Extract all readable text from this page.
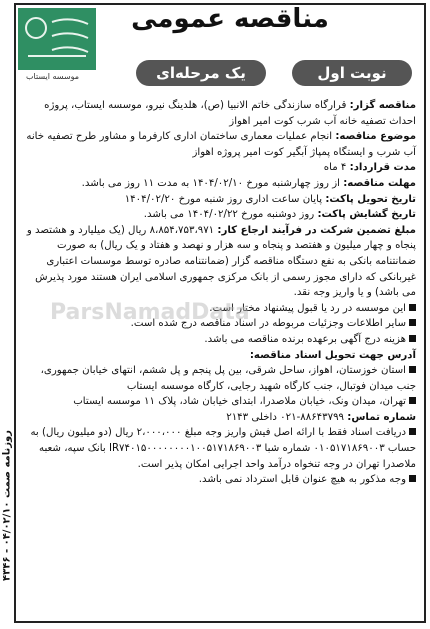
موسسه ایستاب
مناقصه عمومی
نوبت اول
یک مرحله‌ای

مناقصه گزار: قرارگاه سازندگی خاتم الانبیا (ص)، هلدینگ نیرو، موسسه ایستاب، پروژه احداث تصفیه خانه آب شرب کوت امیر اهواز

موضوع مناقصه: انجام عملیات معماری ساختمان اداری کارفرما و مشاور طرح تصفیه خانه آب شرب و ایستگاه پمپاژ آبگیر کوت امیر پروژه اهواز

مدت قرارداد: ۴ ماه

مهلت مناقصه: از روز چهارشنبه مورخ ۱۴۰۴/۰۲/۱۰ به مدت ۱۱ روز می باشد.

تاریخ تحویل پاکت: پایان ساعت اداری روز شنبه مورخ ۱۴۰۴/۰۲/۲۰

تاریخ گشایش پاکت: روز دوشنبه مورخ ۱۴۰۴/۰۲/۲۲ می باشد.

مبلغ تضمین شرکت در فرآیند ارجاع کار: ۸،۸۵۴،۷۵۳،۹۷۱ ریال (یک میلیارد و هشتصد و پنجاه و چهار میلیون و هفتصد و پنجاه و سه هزار و نهصد و هفتاد و یک ریال) به صورت ضمانتنامه بانکی به نفع دستگاه مناقصه گزار (ضمانتنامه صادره توسط موسسات اعتباری غیربانکی که دارای مجوز رسمی از بانک مرکزی جمهوری اسلامی ایران هستند مورد پذیرش می باشد) و یا واریز وجه نقد.

این موسسه در رد یا قبول پیشنهاد مختار است.

سایر اطلاعات وجزئیات مربوطه در اسناد مناقصه درج شده است.

هزینه درج آگهی برعهده برنده مناقصه می باشد.

آدرس جهت تحویل اسناد مناقصه:

استان خوزستان، اهواز، ساحل شرقی، بین پل پنجم و پل ششم، انتهای خیابان جمهوری، جنب میدان فوتبال، جنب کارگاه شهید رجایی، کارگاه موسسه ایستاب

تهران، میدان ونک، خیابان ملاصدرا، ابتدای خیابان شاد، پلاک ۱۱ موسسه ایستاب

شماره تماس: ۸۸۶۴۳۷۹۹-۰۲۱ داخلی ۲۱۴۳

دریافت اسناد فقط با ارائه اصل فیش واریز وجه مبلغ ۲،۰۰۰،۰۰۰ ریال (دو میلیون ریال) به حساب ۰۱۰۵۱۷۱۸۶۹۰۰۳ شماره شبا IR۷۴۰۱۵۰۰۰۰۰۰۰۰۱۰۰۵۱۷۱۸۶۹۰۰۳ بانک سپه، شعبه ملاصدرا تهران در وجه تنخواه درآمد واحد اجرایی امکان پذیر است.

وجه مذکور به هیچ عنوان قابل استرداد نمی باشد.

ParsNamadData
روزنامه صمت ۰۴/۰۲/۱۰ - ۴۳۴۶
